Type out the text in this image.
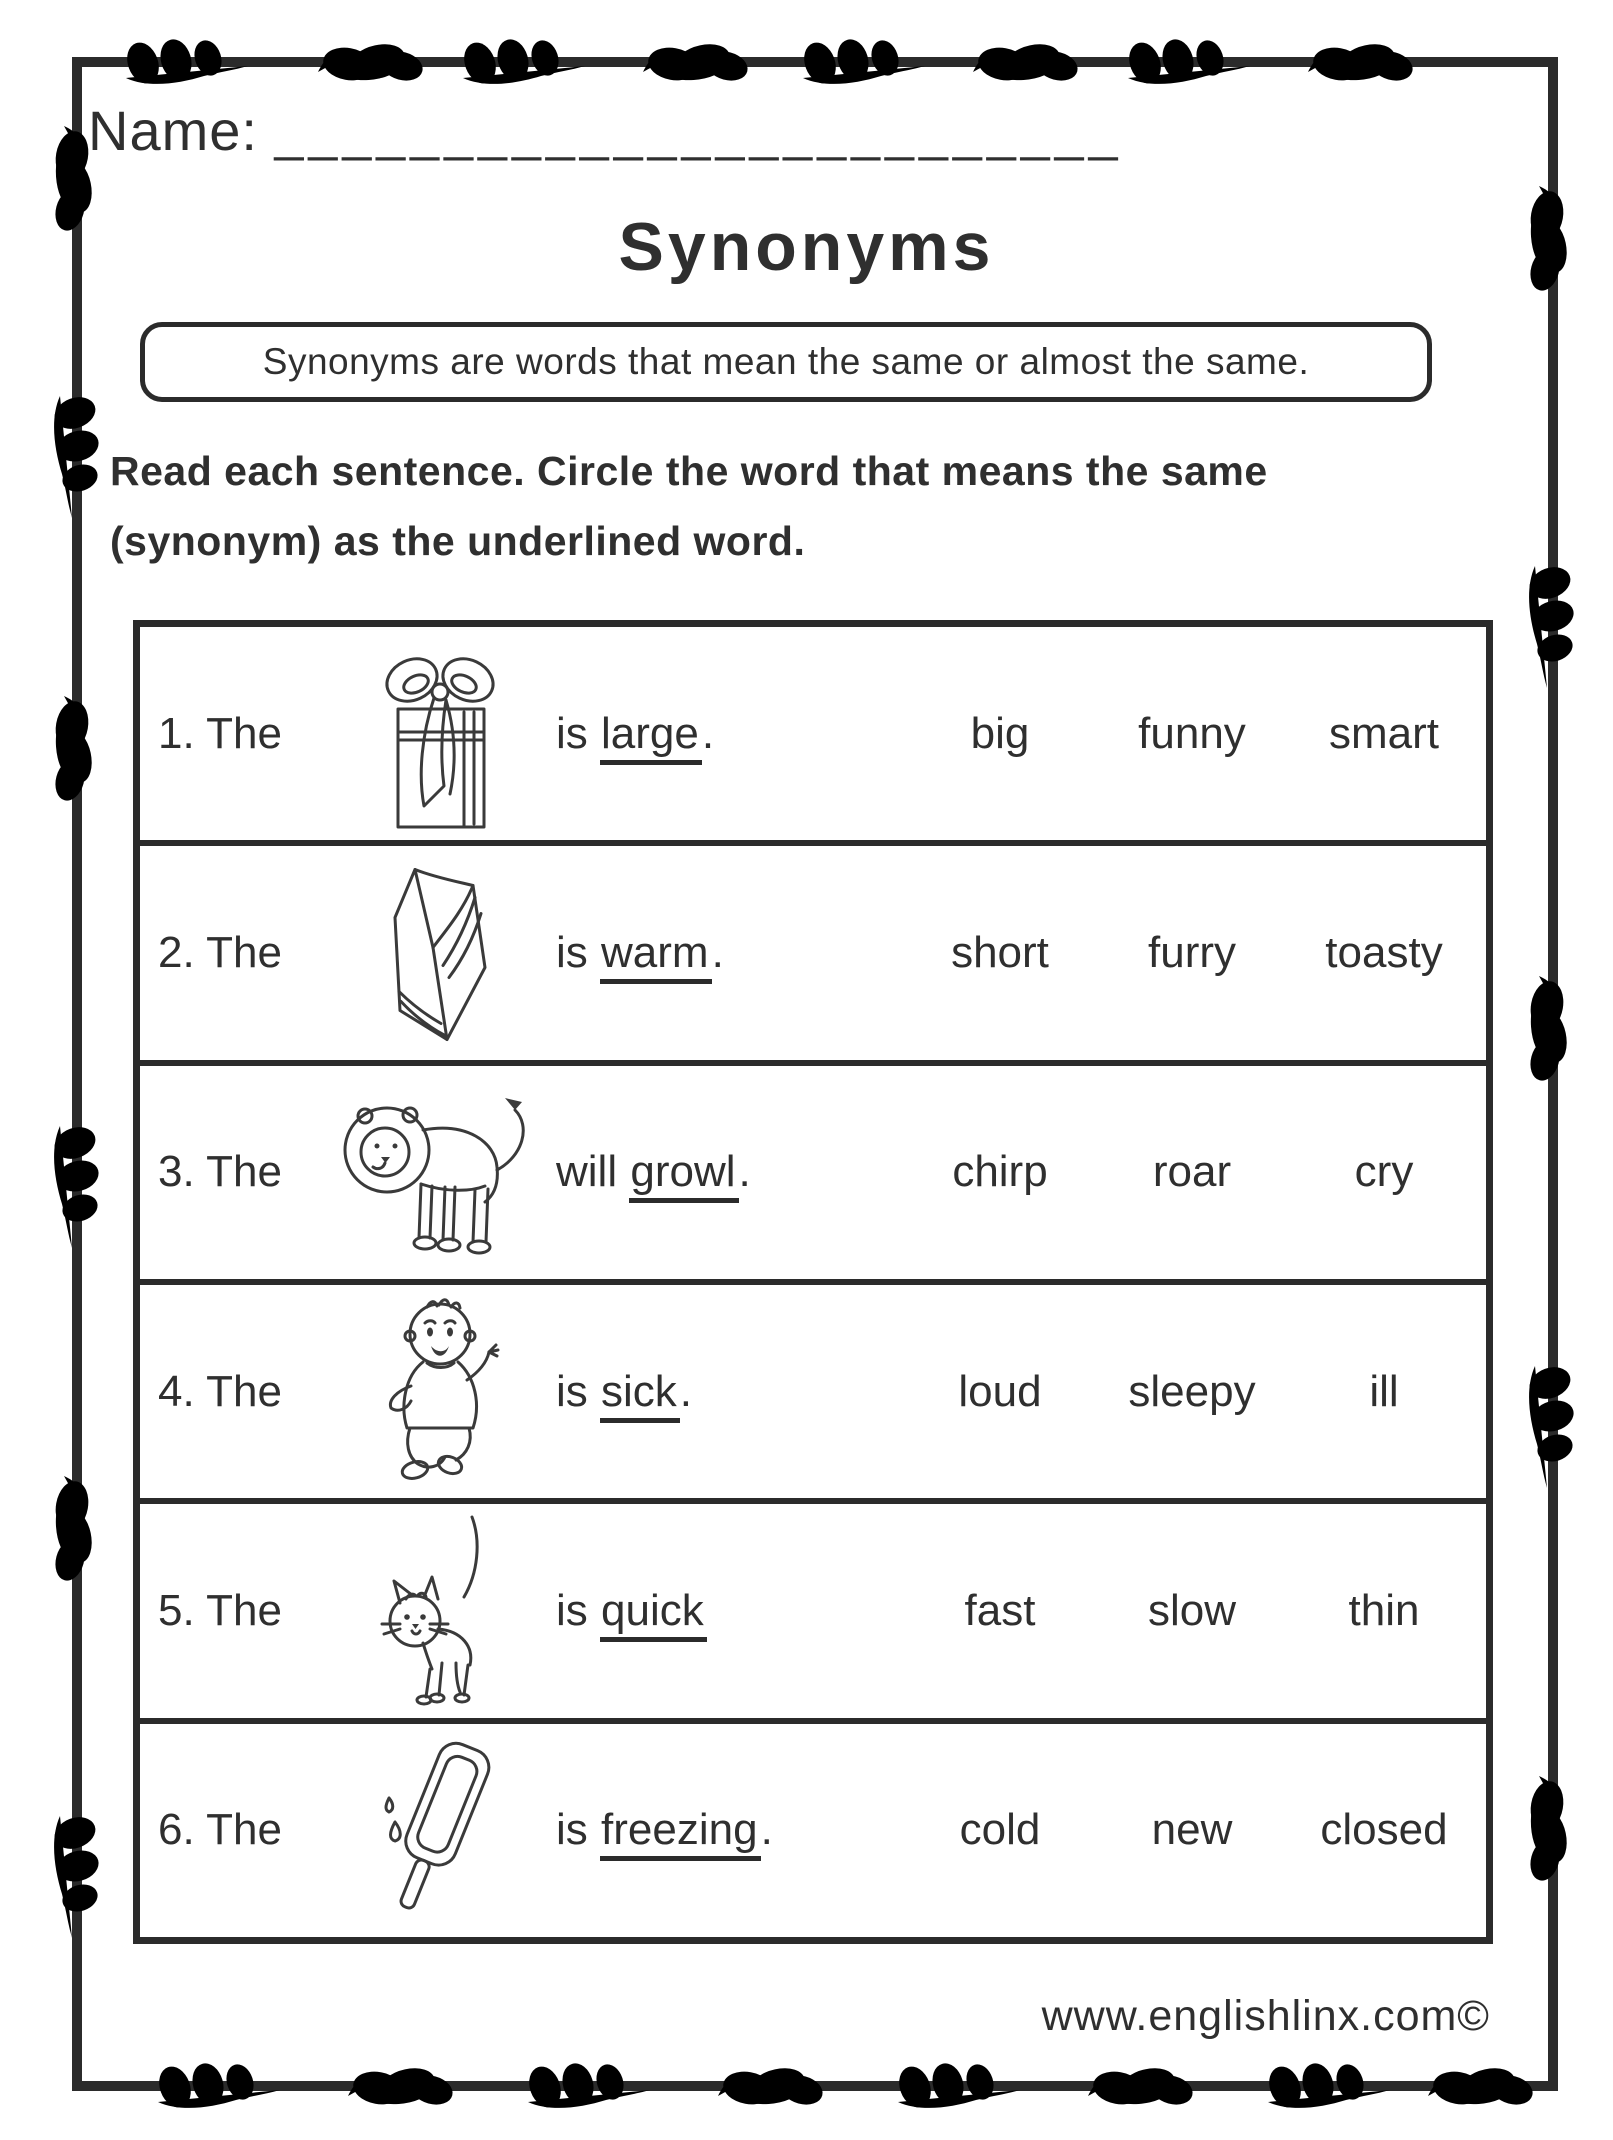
Name: _________________________
Synonyms
Synonyms are words that mean the same or almost the same.
Read each sentence. Circle the word that means the same
(synonym) as the underlined word.
1. The	is large.	big	funny	smart
2. The	is warm.	short	furry	toasty
3. The	will growl.	chirp	roar	cry
4. The	is sick.	loud	sleepy	ill
5. The	is quick	fast	slow	thin
6. The	is freezing.	cold	new	closed
www.englishlinx.com©
